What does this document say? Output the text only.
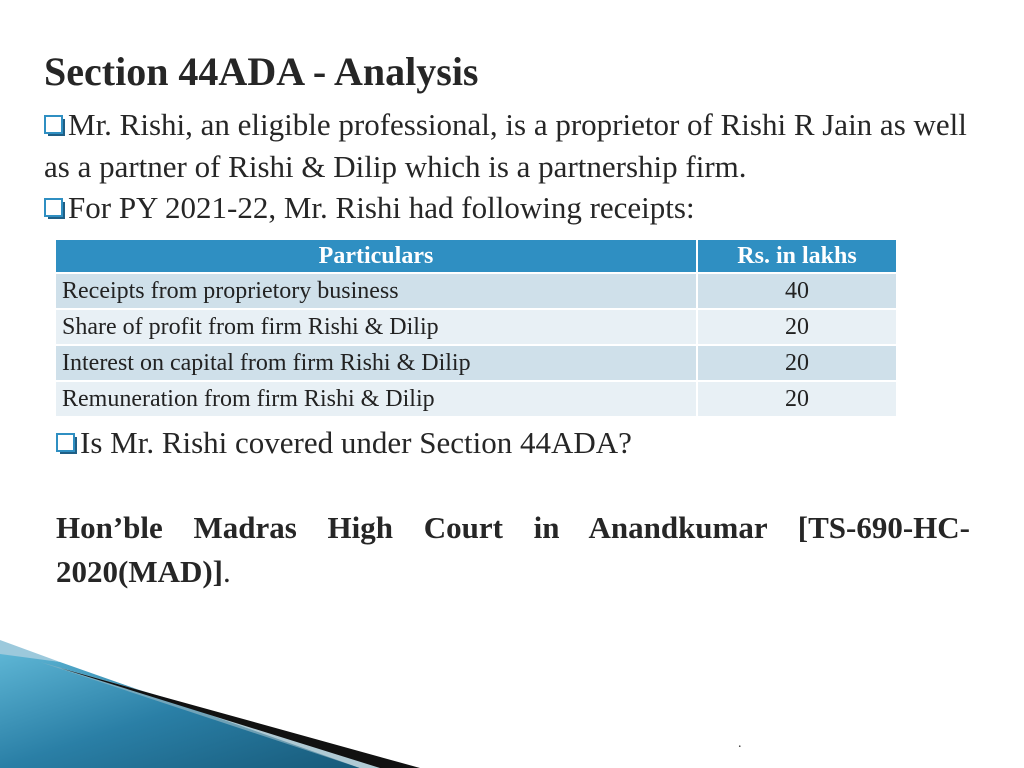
Section 44ADA - Analysis

Mr. Rishi, an eligible professional, is a proprietor of Rishi R Jain as well as a partner of Rishi & Dilip which is a partnership firm.

For PY 2021-22, Mr. Rishi had following receipts:

Particulars	Rs. in lakhs
Receipts from proprietory business	40
Share of profit from firm Rishi & Dilip	20
Interest on capital from firm Rishi & Dilip	20
Remuneration from firm Rishi & Dilip	20

Is Mr. Rishi covered under Section 44ADA?

Hon’ble Madras High Court in Anandkumar [TS-690-HC-2020(MAD)].

.
